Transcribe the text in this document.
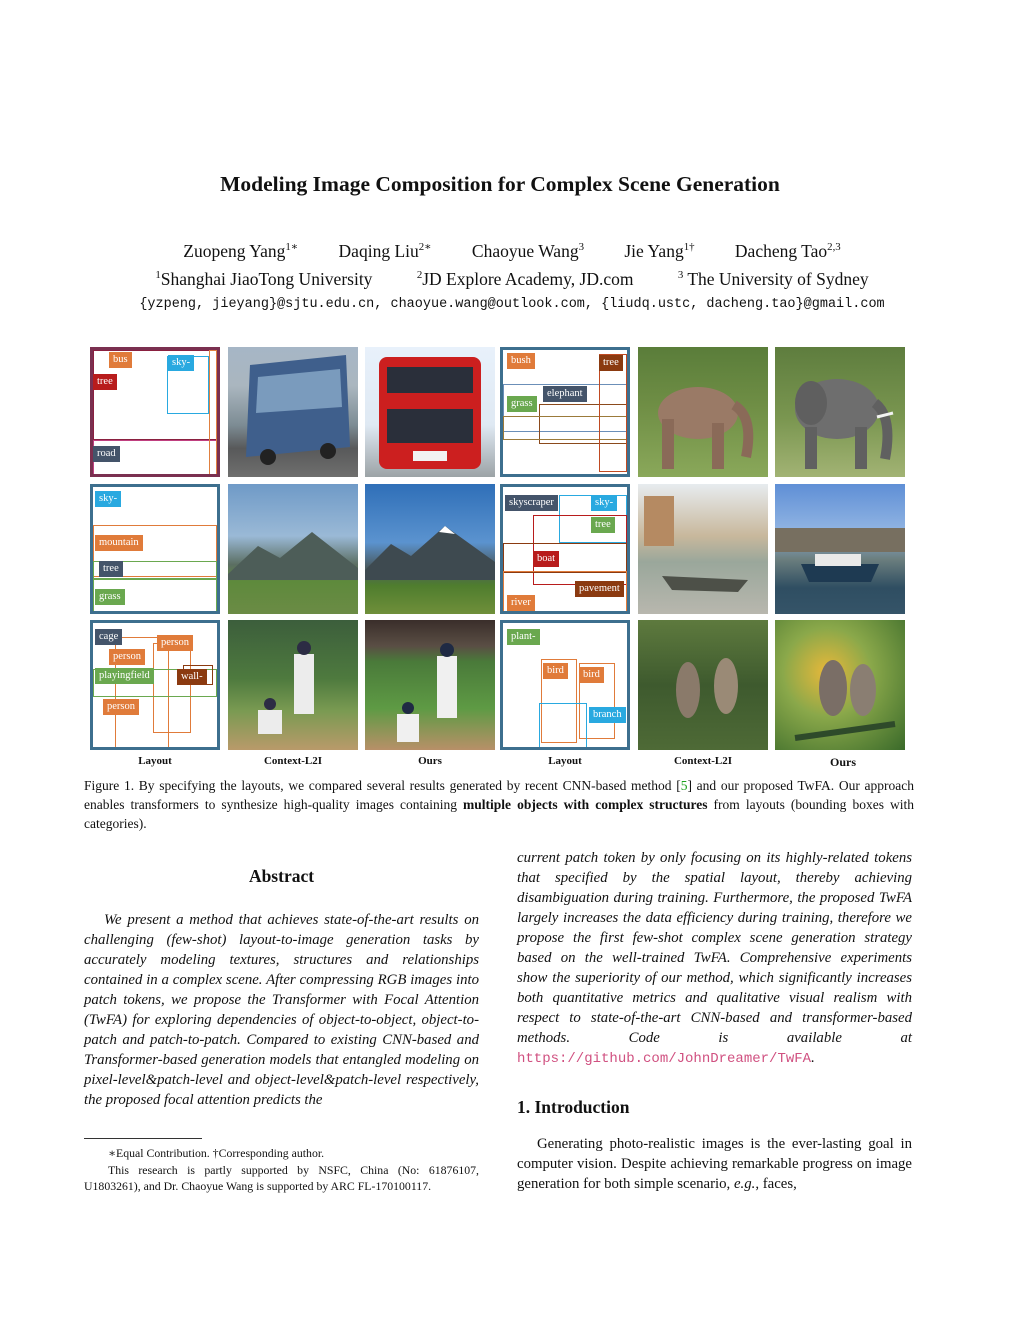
Modeling Image Composition for Complex Scene Generation
Zuopeng Yang$^{1∗}$ Daqing Liu$^{2∗}$ Chaoyue Wang$^3$ Jie Yang$^{1\dagger}$ Dacheng Tao$^{2,3}$
$^1$Shanghai JiaoTong University	$^2$JD Explore Academy, JD.com	$^3$ The University of Sydney
{yzpeng, jieyang}@sjtu.edu.cn, chaoyue.wang@outlook.com, {liudq.ustc, dacheng.tao}@gmail.com
bus	sky-
tree
road
bush	tree
elephant
grass
sky-
mountain
tree
grass
skyscraper	sky-
tree
boat
pavement
river
cage
person
person
playingfield	wall-
person
plant-
bird	bird
branch
Layout	Context-L2I	Ours	Layout	Context-L2I	Ours
Figure 1. By specifying the layouts, we compared several results generated by recent CNN-based method [5] and our proposed TwFA. Our approach enables transformers to synthesize high-quality images containing multiple objects with complex structures from layouts (bounding boxes with categories).
Abstract
We present a method that achieves state-of-the-art results on challenging (few-shot) layout-to-image generation tasks by accurately modeling textures, structures and relationships contained in a complex scene. After compressing RGB images into patch tokens, we propose the Transformer with Focal Attention (TwFA) for exploring dependencies of object-to-object, object-to-patch and patch-to-patch. Compared to existing CNN-based and Transformer-based generation models that entangled modeling on pixel-level&patch-level and object-level&patch-level respectively, the proposed focal attention predicts the
∗Equal Contribution. †Corresponding author.
This research is partly supported by NSFC, China (No: 61876107, U1803261), and Dr. Chaoyue Wang is supported by ARC FL-170100117.
current patch token by only focusing on its highly-related tokens that specified by the spatial layout, thereby achieving disambiguation during training. Furthermore, the proposed TwFA largely increases the data efficiency during training, therefore we propose the first few-shot complex scene generation strategy based on the well-trained TwFA. Comprehensive experiments show the superiority of our method, which significantly increases both quantitative metrics and qualitative visual realism with respect to state-of-the-art CNN-based and transformer-based methods. Code is available at https://github.com/JohnDreamer/TwFA.
1. Introduction
Generating photo-realistic images is the ever-lasting goal in computer vision. Despite achieving remarkable progress on image generation for both simple scenario, e.g., faces,
